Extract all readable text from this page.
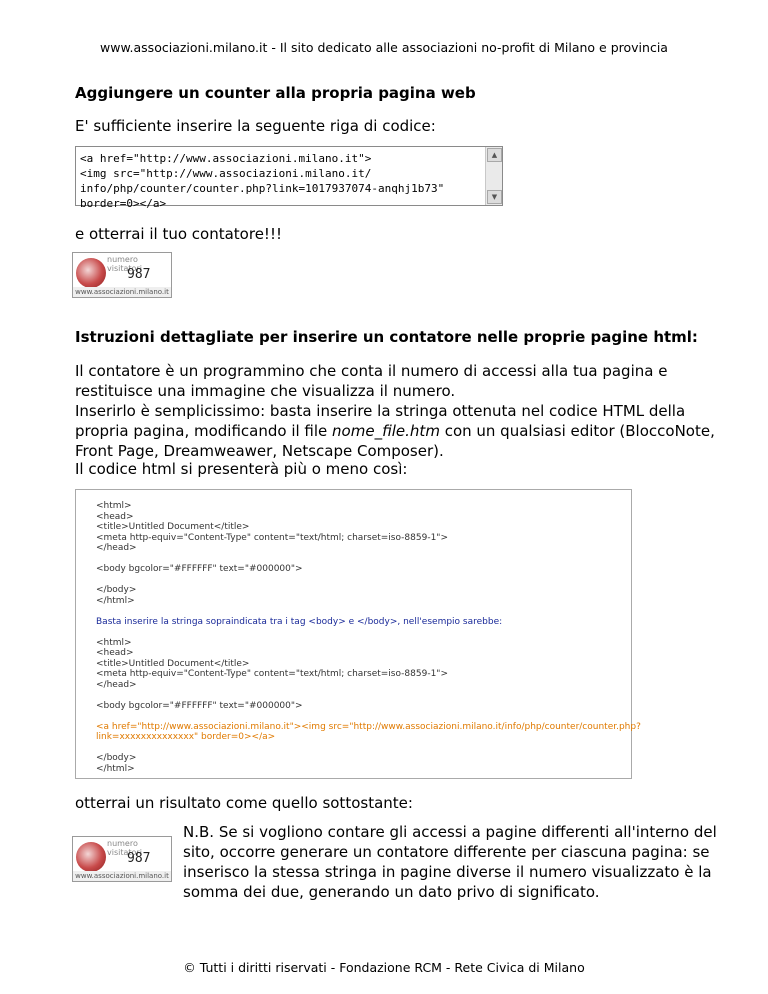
www.associazioni.milano.it - Il sito dedicato alle associazioni no-profit di Milano e provincia
Aggiungere un counter alla propria pagina web
E' sufficiente inserire la seguente riga di codice:
<a href="http://www.associazioni.milano.it">
<img src="http://www.associazioni.milano.it/
info/php/counter/counter.php?link=1017937074-anqhj1b73"
border=0></a>
▲
▼
e otterrai il tuo contatore!!!
numero visitatori
987
www.associazioni.milano.it
Istruzioni dettagliate per inserire un contatore nelle proprie pagine html:
Il contatore è un programmino che conta il numero di accessi alla tua pagina e
restituisce una immagine che visualizza il numero.
Inserirlo è semplicissimo: basta inserire la stringa ottenuta nel codice HTML della
propria pagina, modificando il file nome_file.htm con un qualsiasi editor (BloccoNote,
Front Page, Dreamweawer, Netscape Composer).
Il codice html si presenterà più o meno così:
<html>
<head>
<title>Untitled Document</title>
<meta http-equiv="Content-Type" content="text/html; charset=iso-8859-1">
</head>
<body bgcolor="#FFFFFF" text="#000000">
</body>
</html>
Basta inserire la stringa sopraindicata tra i tag <body> e </body>, nell'esempio sarebbe:
<html>
<head>
<title>Untitled Document</title>
<meta http-equiv="Content-Type" content="text/html; charset=iso-8859-1">
</head>
<body bgcolor="#FFFFFF" text="#000000">
<a href="http://www.associazioni.milano.it"><img src="http://www.associazioni.milano.it/info/php/counter/counter.php?
link=xxxxxxxxxxxxxx" border=0></a>
</body>
</html>
otterrai un risultato come quello sottostante:
numero visitatori
987
www.associazioni.milano.it
N.B. Se si vogliono contare gli accessi a pagine differenti all'interno del
sito, occorre generare un contatore differente per ciascuna pagina: se
inserisco la stessa stringa in pagine diverse il numero visualizzato è la
somma dei due, generando un dato privo di significato.
© Tutti i diritti riservati - Fondazione RCM - Rete Civica di Milano
